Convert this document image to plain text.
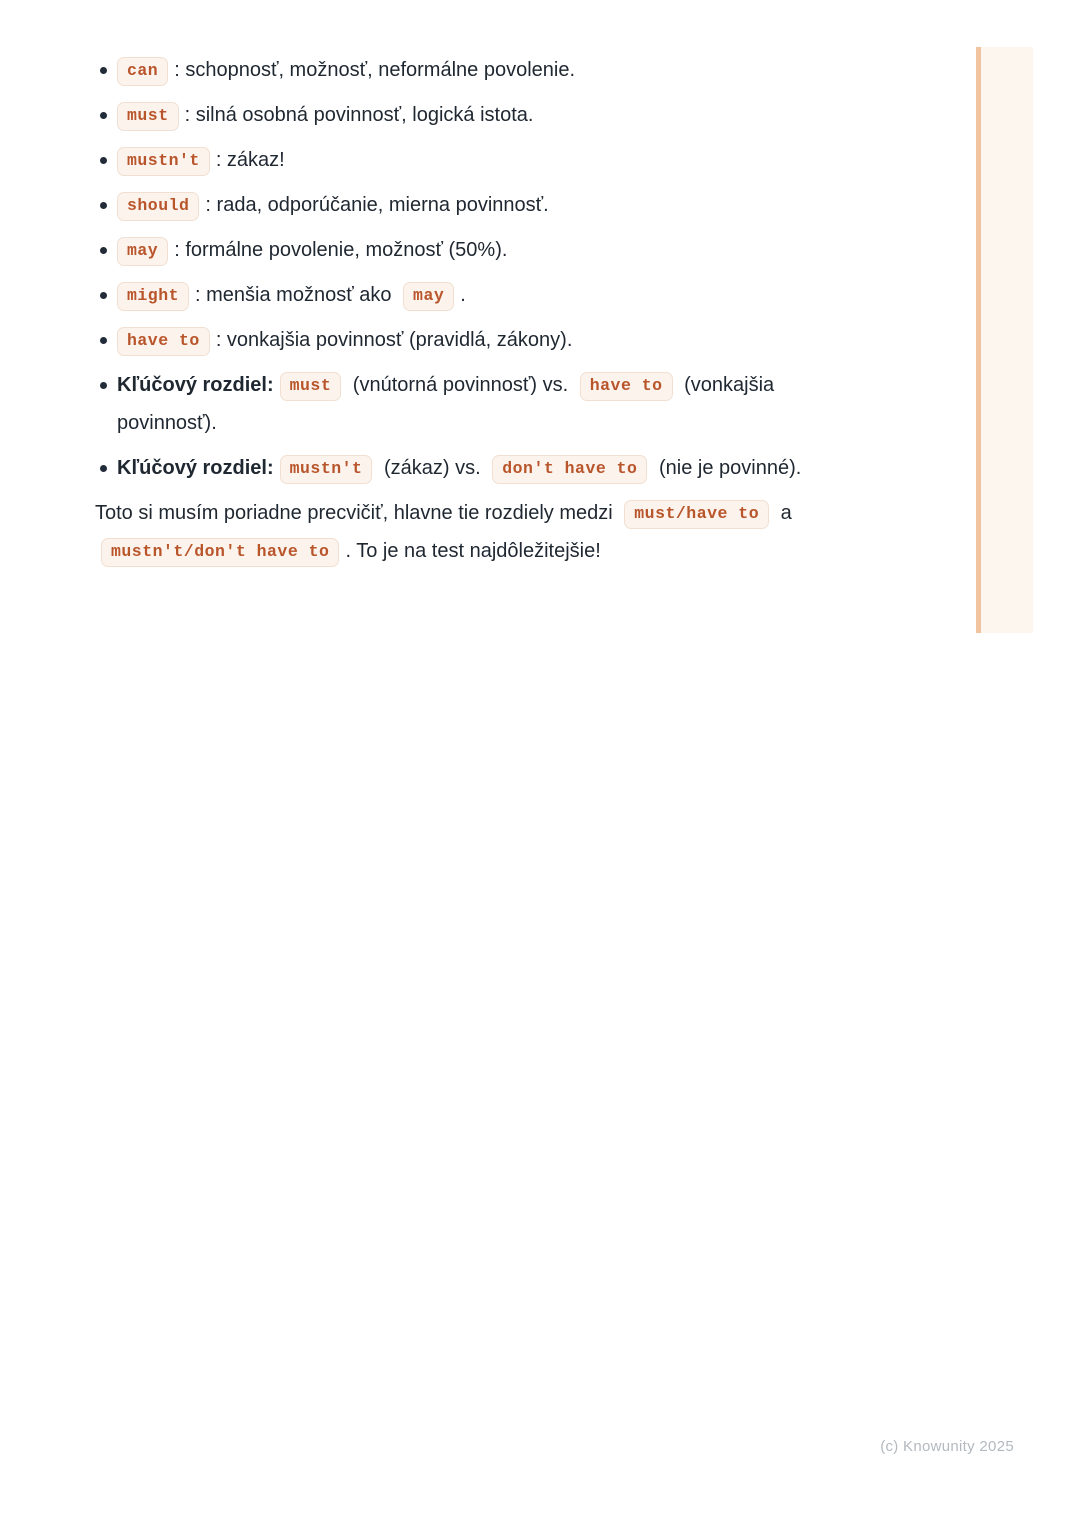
can : schopnosť, možnosť, neformálne povolenie.
must : silná osobná povinnosť, logická istota.
mustn't : zákaz!
should : rada, odporúčanie, mierna povinnosť.
may : formálne povolenie, možnosť (50%).
might : menšia možnosť ako may .
have to : vonkajšia povinnosť (pravidlá, zákony).
Kľúčový rozdiel: must (vnútorná povinnosť) vs. have to (vonkajšia povinnosť).
Kľúčový rozdiel: mustn't (zákaz) vs. don't have to (nie je povinné).

Toto si musím poriadne precvičiť, hlavne tie rozdiely medzi must/have to a mustn't/don't have to . To je na test najdôležitejšie!

(c) Knowunity 2025
